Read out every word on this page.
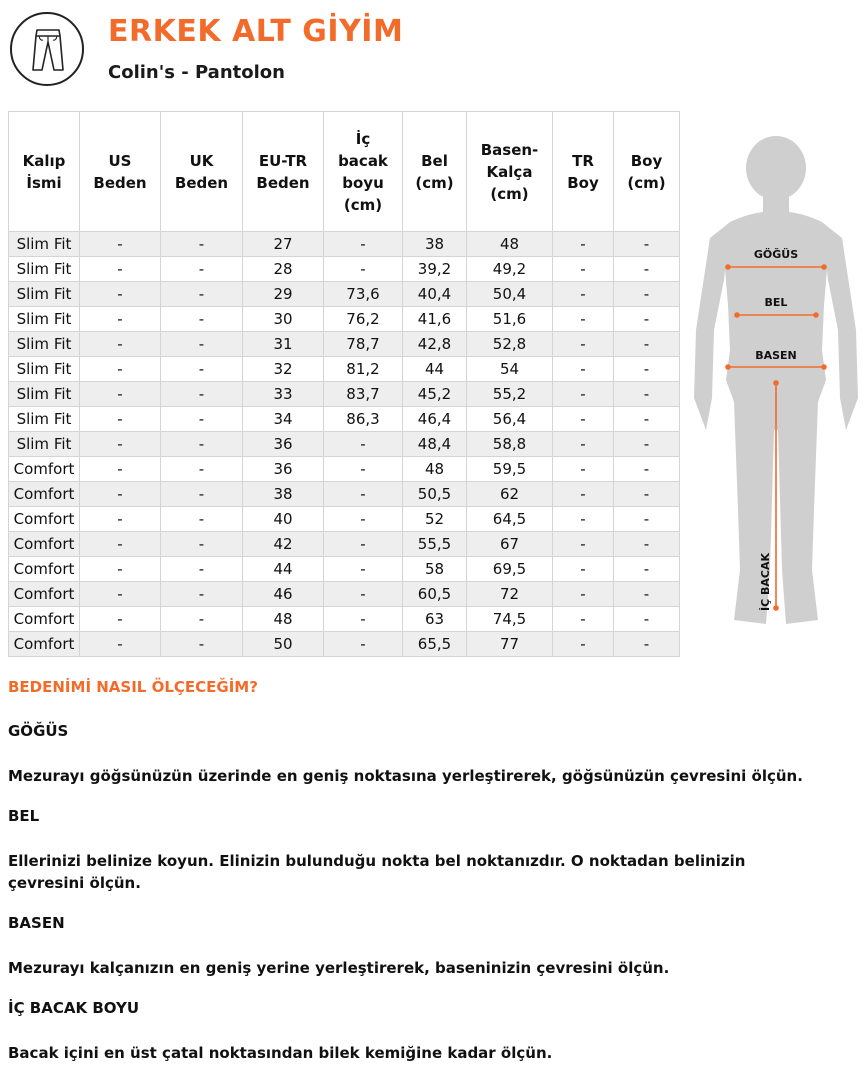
ERKEK ALT GİYİM
Colin's - Pantolon
Kalıp İsmi	US Beden	UK Beden	EU-TR Beden	İç bacak boyu (cm)	Bel (cm)	Basen-Kalça (cm)	TR Boy	Boy (cm)
Slim Fit	-	-	27	-	38	48	-	-
Slim Fit	-	-	28	-	39,2	49,2	-	-
Slim Fit	-	-	29	73,6	40,4	50,4	-	-
Slim Fit	-	-	30	76,2	41,6	51,6	-	-
Slim Fit	-	-	31	78,7	42,8	52,8	-	-
Slim Fit	-	-	32	81,2	44	54	-	-
Slim Fit	-	-	33	83,7	45,2	55,2	-	-
Slim Fit	-	-	34	86,3	46,4	56,4	-	-
Slim Fit	-	-	36	-	48,4	58,8	-	-
Comfort	-	-	36	-	48	59,5	-	-
Comfort	-	-	38	-	50,5	62	-	-
Comfort	-	-	40	-	52	64,5	-	-
Comfort	-	-	42	-	55,5	67	-	-
Comfort	-	-	44	-	58	69,5	-	-
Comfort	-	-	46	-	60,5	72	-	-
Comfort	-	-	48	-	63	74,5	-	-
Comfort	-	-	50	-	65,5	77	-	-
GÖĞÜS
BEL
BASEN
İÇ BACAK
BEDENİMİ NASIL ÖLÇECEĞİM?
GÖĞÜS
Mezurayı göğsünüzün üzerinde en geniş noktasına yerleştirerek, göğsünüzün çevresini ölçün.
BEL
Ellerinizi belinize koyun. Elinizin bulunduğu nokta bel noktanızdır. O noktadan belinizin çevresini ölçün.
BASEN
Mezurayı kalçanızın en geniş yerine yerleştirerek, baseninizin çevresini ölçün.
İÇ BACAK BOYU
Bacak içini en üst çatal noktasından bilek kemiğine kadar ölçün.
